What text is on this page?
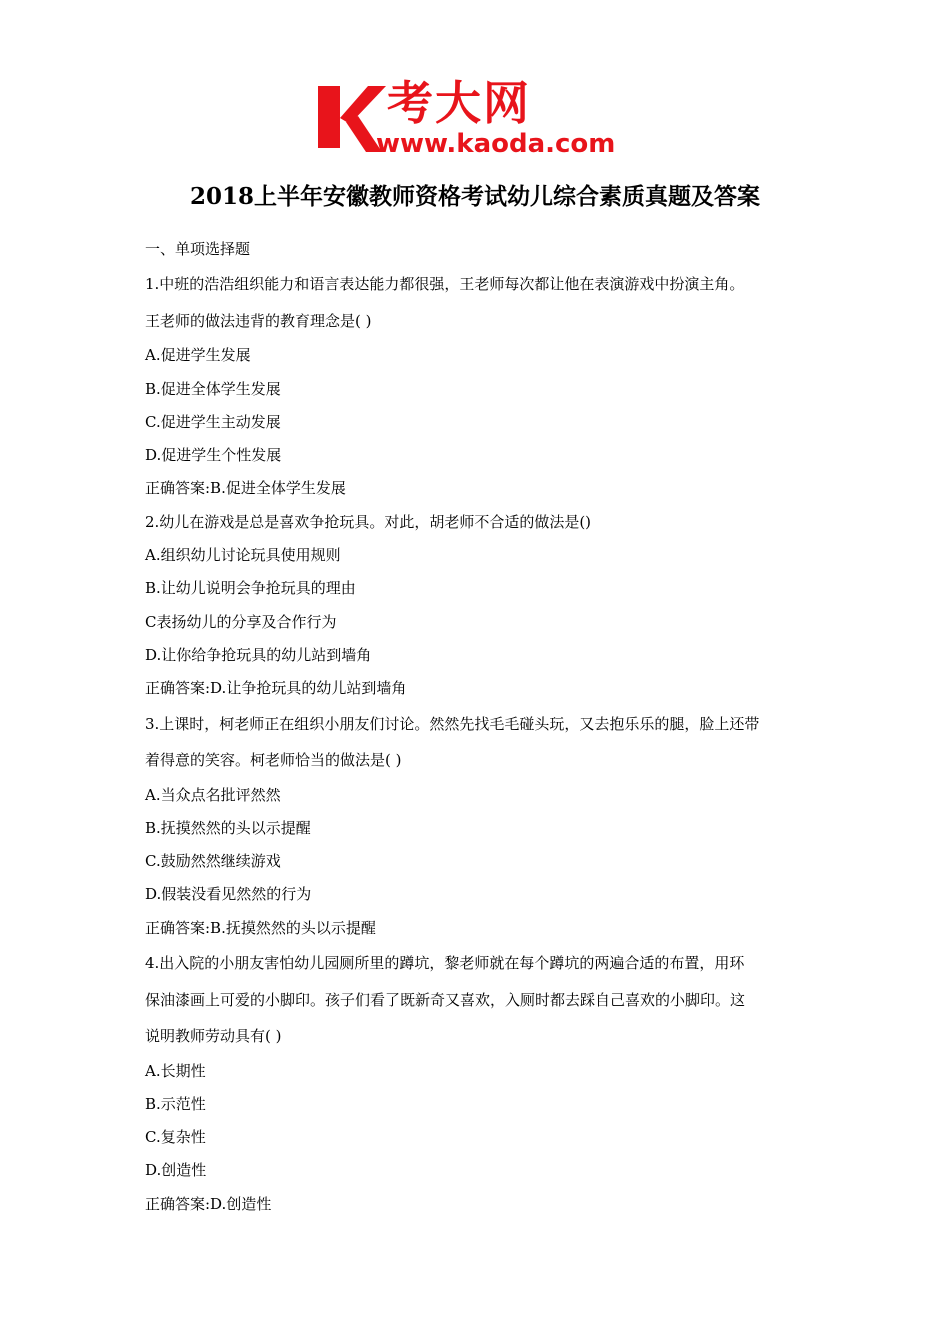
考大网
www.kaoda.com
2018上半年安徽教师资格考试幼儿综合素质真题及答案
一、单项选择题
1.中班的浩浩组织能力和语言表达能力都很强，王老师每次都让他在表演游戏中扮演主角。
王老师的做法违背的教育理念是( )
A.促进学生发展
B.促进全体学生发展
C.促进学生主动发展
D.促进学生个性发展
正确答案:B.促进全体学生发展
2.幼儿在游戏是总是喜欢争抢玩具。对此，胡老师不合适的做法是()
A.组织幼儿讨论玩具使用规则
B.让幼儿说明会争抢玩具的理由
C表扬幼儿的分享及合作行为
D.让你给争抢玩具的幼儿站到墙角
正确答案:D.让争抢玩具的幼儿站到墙角
3.上课时，柯老师正在组织小朋友们讨论。然然先找毛毛碰头玩，又去抱乐乐的腿，脸上还带
着得意的笑容。柯老师恰当的做法是( )
A.当众点名批评然然
B.抚摸然然的头以示提醒
C.鼓励然然继续游戏
D.假装没看见然然的行为
正确答案:B.抚摸然然的头以示提醒
4.出入院的小朋友害怕幼儿园厕所里的蹲坑，黎老师就在每个蹲坑的两遍合适的布置，用环
保油漆画上可爱的小脚印。孩子们看了既新奇又喜欢，入厕时都去踩自己喜欢的小脚印。这
说明教师劳动具有( )
A.长期性
B.示范性
C.复杂性
D.创造性
正确答案:D.创造性
